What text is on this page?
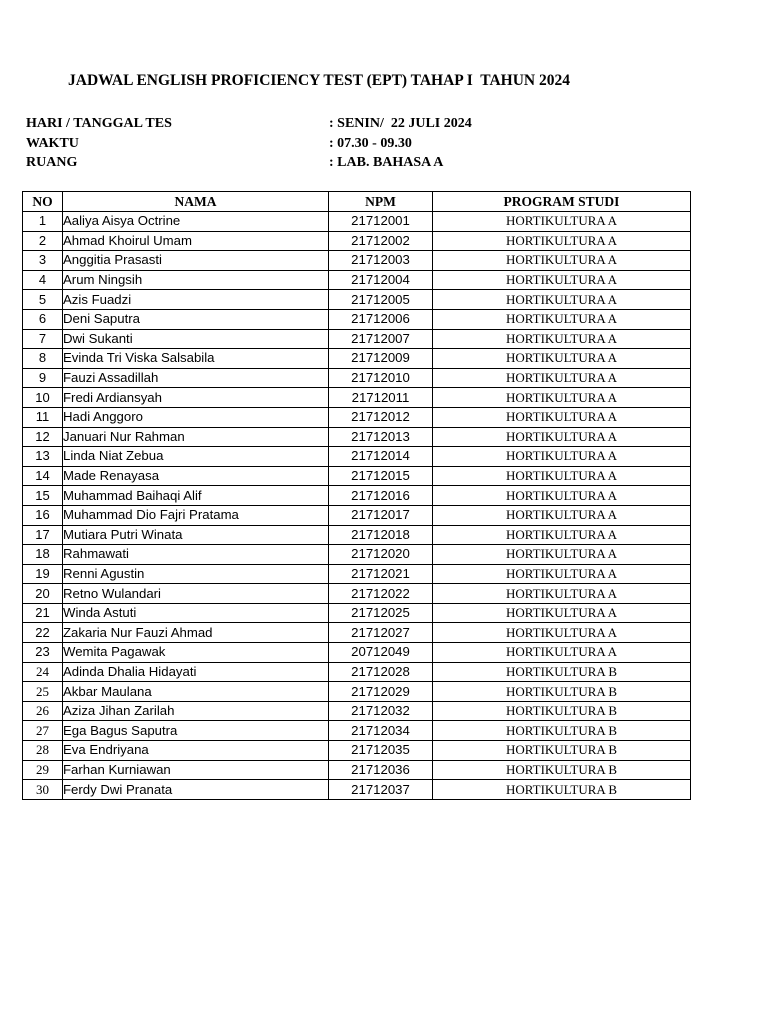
JADWAL ENGLISH PROFICIENCY TEST (EPT) TAHAP I  TAHUN 2024
HARI / TANGGAL TES	: SENIN/  22 JULI 2024
WAKTU	: 07.30 - 09.30
RUANG	: LAB. BAHASA A
NO	NAMA	NPM	PROGRAM STUDI
1	Aaliya Aisya Octrine	21712001	HORTIKULTURA A
2	Ahmad Khoirul Umam	21712002	HORTIKULTURA A
3	Anggitia Prasasti	21712003	HORTIKULTURA A
4	Arum Ningsih	21712004	HORTIKULTURA A
5	Azis Fuadzi	21712005	HORTIKULTURA A
6	Deni Saputra	21712006	HORTIKULTURA A
7	Dwi Sukanti	21712007	HORTIKULTURA A
8	Evinda Tri Viska Salsabila	21712009	HORTIKULTURA A
9	Fauzi Assadillah	21712010	HORTIKULTURA A
10	Fredi Ardiansyah	21712011	HORTIKULTURA A
11	Hadi Anggoro	21712012	HORTIKULTURA A
12	Januari Nur Rahman	21712013	HORTIKULTURA A
13	Linda Niat Zebua	21712014	HORTIKULTURA A
14	Made Renayasa	21712015	HORTIKULTURA A
15	Muhammad Baihaqi Alif	21712016	HORTIKULTURA A
16	Muhammad Dio Fajri Pratama	21712017	HORTIKULTURA A
17	Mutiara Putri Winata	21712018	HORTIKULTURA A
18	Rahmawati	21712020	HORTIKULTURA A
19	Renni Agustin	21712021	HORTIKULTURA A
20	Retno Wulandari	21712022	HORTIKULTURA A
21	Winda Astuti	21712025	HORTIKULTURA A
22	Zakaria Nur Fauzi Ahmad	21712027	HORTIKULTURA A
23	Wemita Pagawak	20712049	HORTIKULTURA A
24	Adinda Dhalia Hidayati	21712028	HORTIKULTURA B
25	Akbar Maulana	21712029	HORTIKULTURA B
26	Aziza Jihan Zarilah	21712032	HORTIKULTURA B
27	Ega Bagus Saputra	21712034	HORTIKULTURA B
28	Eva Endriyana	21712035	HORTIKULTURA B
29	Farhan Kurniawan	21712036	HORTIKULTURA B
30	Ferdy Dwi Pranata	21712037	HORTIKULTURA B
